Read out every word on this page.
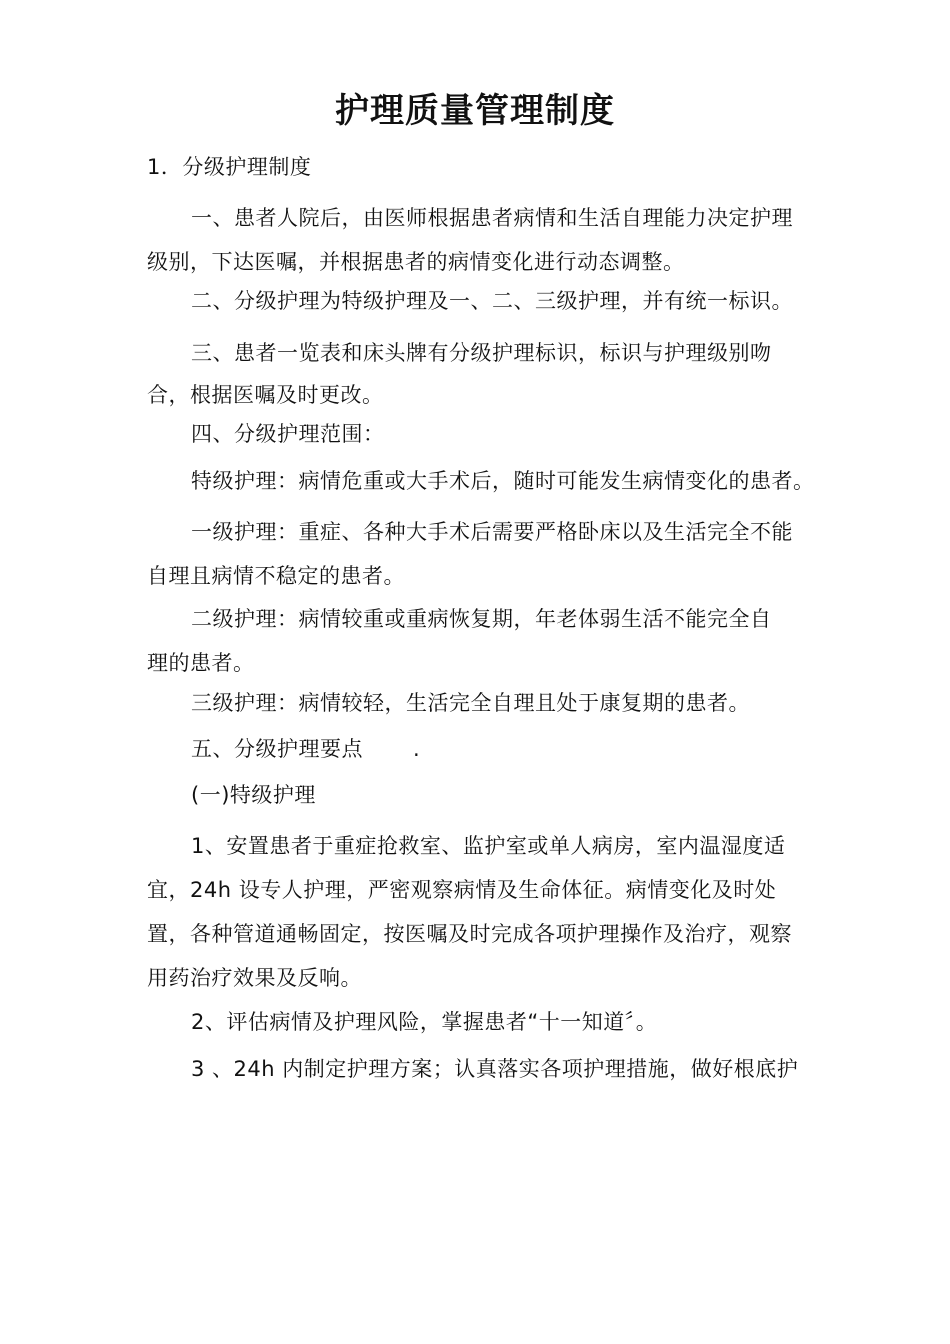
护理质量管理制度
1．分级护理制度
一、患者人院后，由医师根据患者病情和生活自理能力决定护理
级别，下达医嘱，并根据患者的病情变化进行动态调整。
二、分级护理为特级护理及一、二、三级护理，并有统一标识。
三、患者一览表和床头牌有分级护理标识，标识与护理级别吻
合，根据医嘱及时更改。
四、分级护理范围：
特级护理：病情危重或大手术后，随时可能发生病情变化的患者。
一级护理：重症、各种大手术后需要严格卧床以及生活完全不能
自理且病情不稳定的患者。
二级护理：病情较重或重病恢复期，年老体弱生活不能完全自
理的患者。
三级护理：病情较轻，生活完全自理且处于康复期的患者。
五、分级护理要点 .
(一)特级护理
1、安置患者于重症抢救室、监护室或单人病房，室内温湿度适
宜，24h 设专人护理，严密观察病情及生命体征。病情变化及时处
置，各种管道通畅固定，按医嘱及时完成各项护理操作及治疗，观察
用药治疗效果及反响。
2、评估病情及护理风险，掌握患者“十一知道〞。
3 、24h 内制定护理方案；认真落实各项护理措施，做好根底护
